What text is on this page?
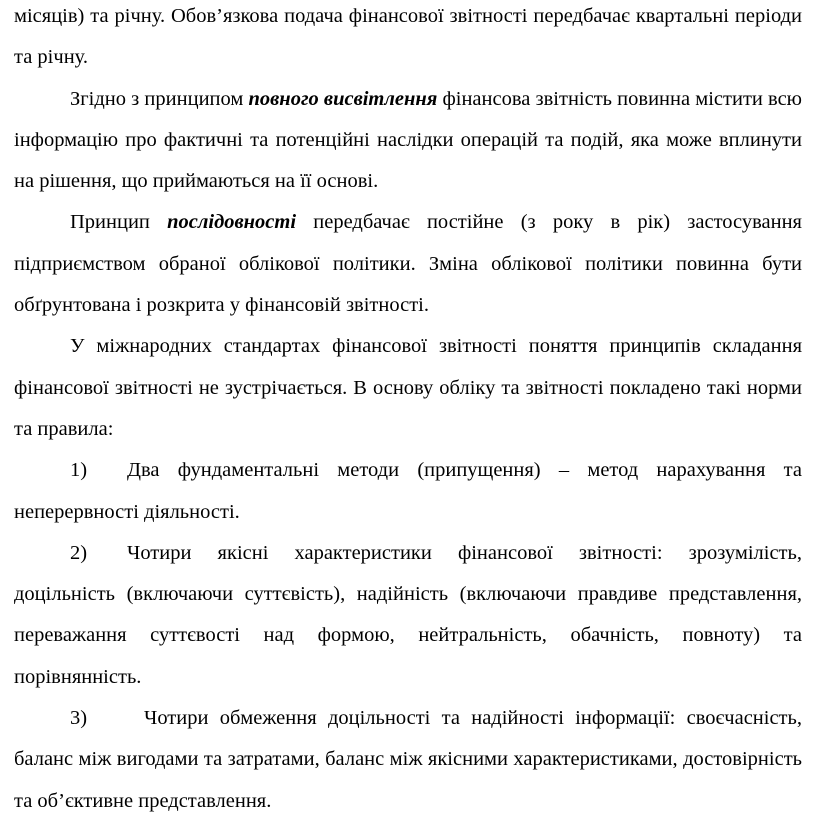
місяців) та річну. Обов’язкова подача фінансової звітності передбачає квартальні періоди та річну.

Згідно з принципом повного висвітлення фінансова звітність повинна містити всю інформацію про фактичні та потенційні наслідки операцій та подій, яка може вплинути на рішення, що приймаються на її основі.

Принцип послідовності передбачає постійне (з року в рік) застосування підприємством обраної облікової політики. Зміна облікової політики повинна бути обґрунтована і розкрита у фінансовій звітності.

У міжнародних стандартах фінансової звітності поняття принципів складання фінансової звітності не зустрічається. В основу обліку та звітності покладено такі норми та правила:

1) Два фундаментальні методи (припущення) – метод нарахування та неперервності діяльності.

2) Чотири якісні характеристики фінансової звітності: зрозумілість, доцільність (включаючи суттєвість), надійність (включаючи правдиве представлення, переважання суттєвості над формою, нейтральність, обачність, повноту) та порівнянність.

3)	Чотири обмеження доцільності та надійності інформації: своєчасність, баланс між вигодами та затратами, баланс між якісними характеристиками, достовірність та об’єктивне представлення.
